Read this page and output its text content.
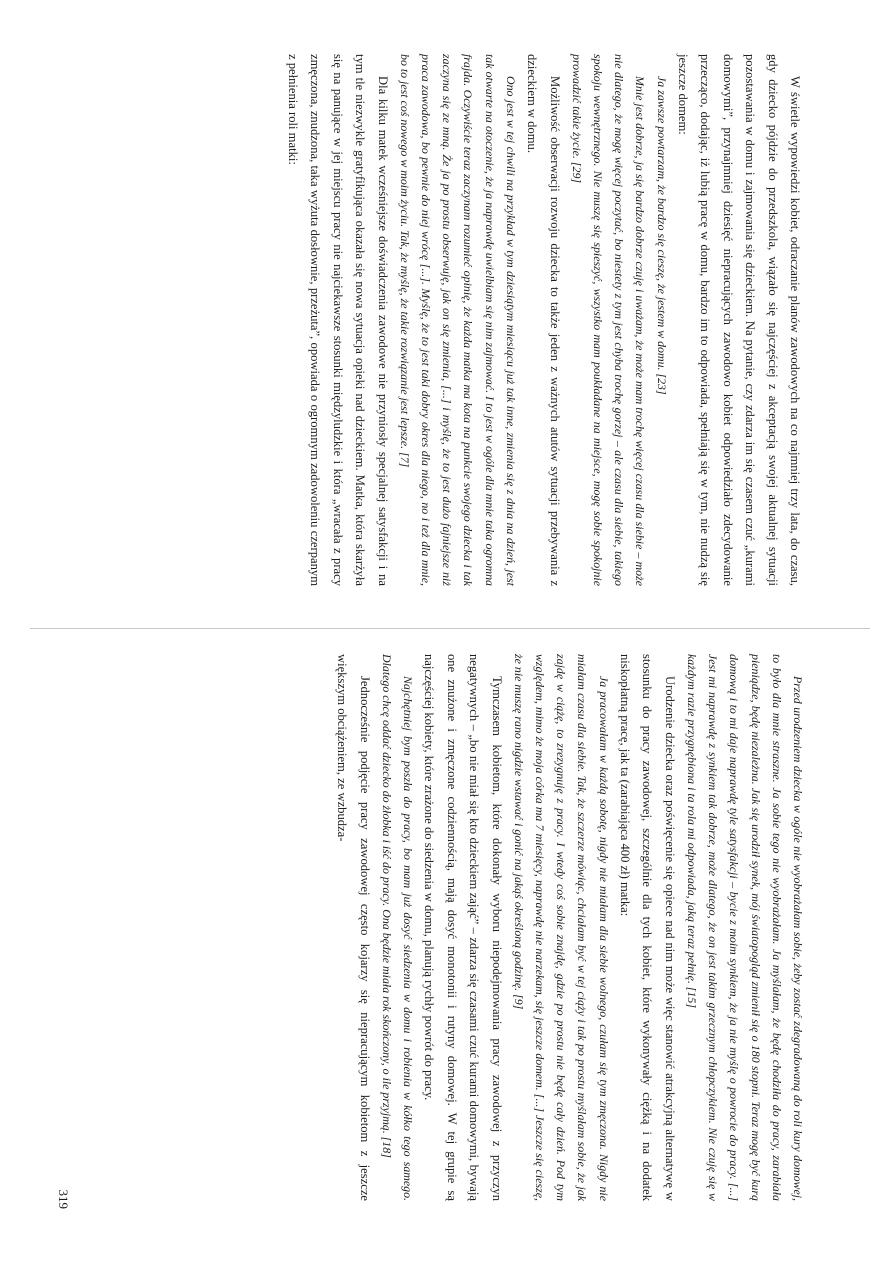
W świetle wypowiedzi kobiet, odraczanie planów zawodowych na co najmniej trzy lata, do czasu, gdy dziecko pójdzie do przedszkola, wiązało się najczęściej z akceptacją swojej aktualnej sytuacji pozostawania w domu i zajmowania się dzieckiem. Na pytanie, czy zdarza im się czasem czuć „kurami domowymi”, przynajmniej dziesięć niepracujących zawodowo kobiet odpowiedziało zdecydowanie przecząco, dodając, iż lubią pracę w domu, bardzo im to odpowiada, spełniają się w tym, nie nudzą się jeszcze domem:

Ja zawsze powtarzam, że bardzo się cieszę, że jestem w domu. [23]

Mnie jest dobrze, ja się bardzo dobrze czuję i uważam, że może mam trochę więcej czasu dla siebie – może nie dlatego, że mogę więcej poczytać, bo niestety z tym jest chyba trochę gorzej – ale czasu dla siebie, takiego spokoju wewnętrznego. Nie muszę się spieszyć, wszystko mam poukładane na miejsce, mogę sobie spokojnie prowadzić takie życie. [29]

Możliwość obserwacji rozwoju dziecka to także jeden z ważnych atutów sytuacji przebywania z dzieckiem w domu.

Ono jest w tej chwili na przykład w tym dziesiątym miesiącu już tak inne, zmienia się z dnia na dzień, jest tak otwarte na otoczenie, że ja naprawdę uwielbiam się nim zajmować. I to jest w ogóle dla mnie taka ogromna frajda. Oczywiście teraz zaczynam rozumieć opinię, że każda matka ma kota na punkcie swojego dziecka i tak zaczyna się ze mną. Że ja po prostu obserwuję, jak on się zmienia, [...] i myślę, że to jest dużo fajniejsze niż praca zawodowa, bo pewnie do niej wrócę [...]. Myślę, że to jest taki dobry okres dla niego, no i też dla mnie, bo to jest coś nowego w moim życiu. Tak, że myślę, że takie rozwiązanie jest lepsze. [7]

Dla kilku matek wcześniejsze doświadczenia zawodowe nie przyniosły specjalnej satysfakcji i na tym tle niezwykle gratyfikująca okazała się nowa sytuacja opieki nad dzieckiem. Matka, która skarżyła się na panujące w jej miejscu pracy nie najciekawsze stosunki międzyludzkie i która „wracała z pracy zmęczona, znudzona, taka wyżuta dosłownie, przeżuta”, opowiada o ogromnym zadowoleniu czerpanym z pełnienia roli matki:

Przed urodzeniem dziecka w ogóle nie wyobrażałam sobie, żeby zostać zdegradowaną do roli kury domowej, to było dla mnie straszne. Ja sobie tego nie wyobrażałam. Ja myślałam, że będę chodziła do pracy, zarabiała pieniądze, będę niezależna. Jak się urodził synek, mój światopogląd zmienił się o 180 stopni. Teraz mogę być kurą domową i to mi daje naprawdę tyle satysfakcji – bycie z moim synkiem, że ja nie myślę o powrocie do pracy. [...] Jest mi naprawdę z synkiem tak dobrze, może dlatego, że on jest takim grzecznym chłopczykiem. Nie czuję się w każdym razie przygnębiona i ta rola mi odpowiada, jaką teraz pełnię. [15]

Urodzenie dziecka oraz poświęcenie się opiece nad nim może więc stanowić atrakcyjną alternatywę w stosunku do pracy zawodowej, szczególnie dla tych kobiet, które wykonywały ciężką i na dodatek niskopłatną pracę, jak ta (zarabiająca 400 zł) matka:

Ja pracowałam w każdą sobotę, nigdy nie miałam dla siebie wolnego, czułam się tym zmęczona. Nigdy nie miałam czasu dla siebie. Tak, że szczerze mówiąc, chciałam być w tej ciąży i tak po prostu myślałam sobie, że jak zajdę w ciążę, to zrezygnuję z pracy. I wtedy coś sobie znajdę, gdzie po prostu nie będę cały dzień. Pod tym względem, mimo że moja córka ma 7 miesięcy, naprawdę nie narzekam, się jeszcze domem. [...] Jeszcze się cieszę, że nie muszę rano nigdzie wstawać i gonić na jakąś określoną godzinę. [9]

Tymczasem kobietom, które dokonały wyboru niepodejmowania pracy zawodowej z przyczyn negatywnych – „bo nie miał się kto dzieckiem zająć” – zdarza się czasami czuć kurami domowymi, bywają one znużone i zmęczone codziennością, mają dosyć monotonii i rutyny domowej. W tej grupie są najczęściej kobiety, które zrażone do siedzenia w domu, planują rychły powrót do pracy.

Najchętniej bym poszła do pracy, bo mam już dosyć siedzenia w domu i robienia w kółko tego samego. Dlatego chcę oddać dziecko do żłobka i iść do pracy. Ona będzie miała rok skończony, o ile przyjmą. [18]

Jednocześnie podjęcie pracy zawodowej często kojarzy się niepracującym kobietom z jeszcze większym obciążeniem, ze wzbudza-

319
